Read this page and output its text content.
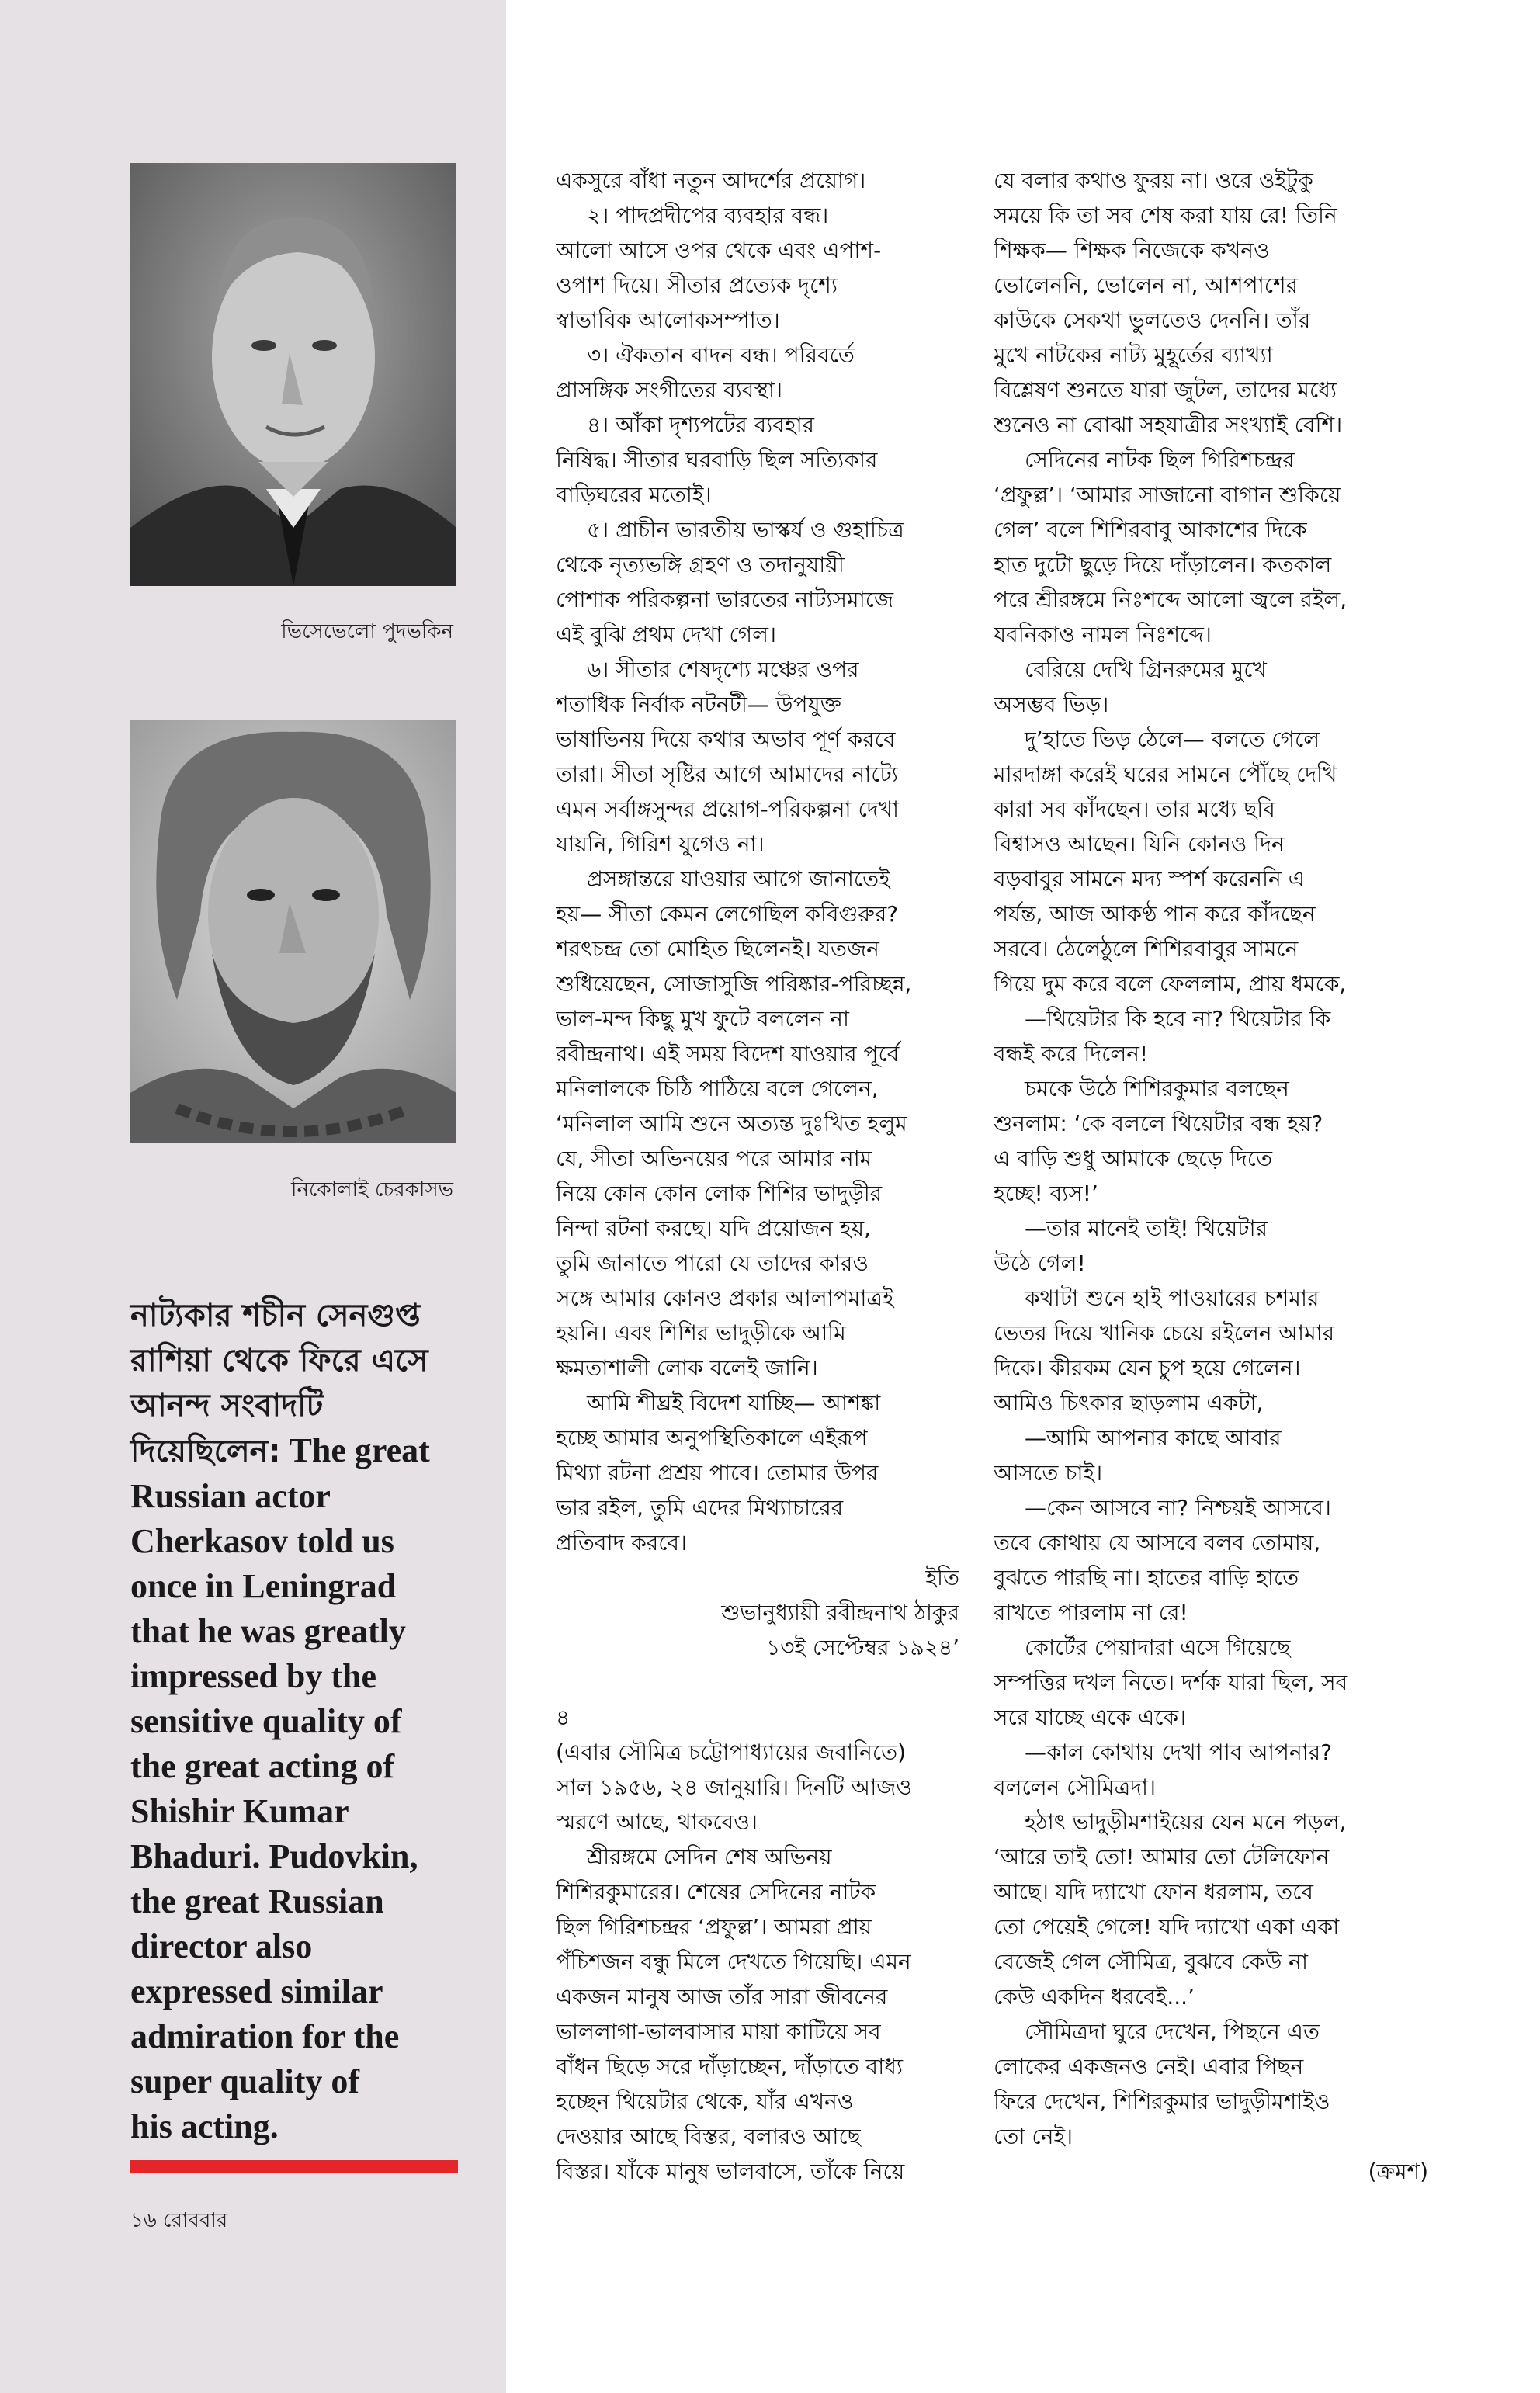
ভিসেভেলো পুদভকিন
নিকোলাই চেরকাসভ
নাট্যকার শচীন সেনগুপ্ত
রাশিয়া থেকে ফিরে এসে
আনন্দ সংবাদটি
দিয়েছিলেন: The great
Russian actor
Cherkasov told us
once in Leningrad
that he was greatly
impressed by the
sensitive quality of
the great acting of
Shishir Kumar
Bhaduri. Pudovkin,
the great Russian
director also
expressed similar
admiration for the
super quality of
his acting.
১৬ রোববার
একসুরে বাঁধা নতুন আদর্শের প্রয়োগ।
২। পাদপ্রদীপের ব্যবহার বন্ধ।
আলো আসে ওপর থেকে এবং এপাশ-
ওপাশ দিয়ে। সীতার প্রত্যেক দৃশ্যে
স্বাভাবিক আলোকসম্পাত।
৩। ঐকতান বাদন বন্ধ। পরিবর্তে
প্রাসঙ্গিক সংগীতের ব্যবস্থা।
৪। আঁকা দৃশ্যপটের ব্যবহার
নিষিদ্ধ। সীতার ঘরবাড়ি ছিল সত্যিকার
বাড়িঘরের মতোই।
৫। প্রাচীন ভারতীয় ভাস্কর্য ও গুহাচিত্র
থেকে নৃত্যভঙ্গি গ্রহণ ও তদানুযায়ী
পোশাক পরিকল্পনা ভারতের নাট্যসমাজে
এই বুঝি প্রথম দেখা গেল।
৬। সীতার শেষদৃশ্যে মঞ্চের ওপর
শতাধিক নির্বাক নটনটী— উপযুক্ত
ভাষাভিনয় দিয়ে কথার অভাব পূর্ণ করবে
তারা। সীতা সৃষ্টির আগে আমাদের নাট্যে
এমন সর্বাঙ্গসুন্দর প্রয়োগ-পরিকল্পনা দেখা
যায়নি, গিরিশ যুগেও না।
প্রসঙ্গান্তরে যাওয়ার আগে জানাতেই
হয়— সীতা কেমন লেগেছিল কবিগুরুর?
শরৎচন্দ্র তো মোহিত ছিলেনই। যতজন
শুধিয়েছেন, সোজাসুজি পরিষ্কার-পরিচ্ছন্ন,
ভাল-মন্দ কিছু মুখ ফুটে বললেন না
রবীন্দ্রনাথ। এই সময় বিদেশ যাওয়ার পূর্বে
মনিলালকে চিঠি পাঠিয়ে বলে গেলেন,
‘মনিলাল আমি শুনে অত্যন্ত দুঃখিত হলুম
যে, সীতা অভিনয়ের পরে আমার নাম
নিয়ে কোন কোন লোক শিশির ভাদুড়ীর
নিন্দা রটনা করছে। যদি প্রয়োজন হয়,
তুমি জানাতে পারো যে তাদের কারও
সঙ্গে আমার কোনও প্রকার আলাপমাত্রই
হয়নি। এবং শিশির ভাদুড়ীকে আমি
ক্ষমতাশালী লোক বলেই জানি।
আমি শীঘ্রই বিদেশ যাচ্ছি— আশঙ্কা
হচ্ছে আমার অনুপস্থিতিকালে এইরূপ
মিথ্যা রটনা প্রশ্রয় পাবে। তোমার উপর
ভার রইল, তুমি এদের মিথ্যাচারের
প্রতিবাদ করবে।
ইতি
শুভানুধ্যায়ী রবীন্দ্রনাথ ঠাকুর
১৩ই সেপ্টেম্বর ১৯২৪’
৪
(এবার সৌমিত্র চট্টোপাধ্যায়ের জবানিতে)
সাল ১৯৫৬, ২৪ জানুয়ারি। দিনটি আজও
স্মরণে আছে, থাকবেও।
শ্রীরঙ্গমে সেদিন শেষ অভিনয়
শিশিরকুমারের। শেষের সেদিনের নাটক
ছিল গিরিশচন্দ্রর ‘প্রফুল্ল’। আমরা প্রায়
পঁচিশজন বন্ধু মিলে দেখতে গিয়েছি। এমন
একজন মানুষ আজ তাঁর সারা জীবনের
ভাললাগা-ভালবাসার মায়া কাটিয়ে সব
বাঁধন ছিড়ে সরে দাঁড়াচ্ছেন, দাঁড়াতে বাধ্য
হচ্ছেন থিয়েটার থেকে, যাঁর এখনও
দেওয়ার আছে বিস্তর, বলারও আছে
বিস্তর। যাঁকে মানুষ ভালবাসে, তাঁকে নিয়ে
যে বলার কথাও ফুরয় না। ওরে ওইটুকু
সময়ে কি তা সব শেষ করা যায় রে! তিনি
শিক্ষক— শিক্ষক নিজেকে কখনও
ভোলেননি, ভোলেন না, আশপাশের
কাউকে সেকথা ভুলতেও দেননি। তাঁর
মুখে নাটকের নাট্য মুহূর্তের ব্যাখ্যা
বিশ্লেষণ শুনতে যারা জুটল, তাদের মধ্যে
শুনেও না বোঝা সহযাত্রীর সংখ্যাই বেশি।
সেদিনের নাটক ছিল গিরিশচন্দ্রর
‘প্রফুল্ল’। ‘আমার সাজানো বাগান শুকিয়ে
গেল’ বলে শিশিরবাবু আকাশের দিকে
হাত দুটো ছুড়ে দিয়ে দাঁড়ালেন। কতকাল
পরে শ্রীরঙ্গমে নিঃশব্দে আলো জ্বলে রইল,
যবনিকাও নামল নিঃশব্দে।
বেরিয়ে দেখি গ্রিনরুমের মুখে
অসম্ভব ভিড়।
দু’হাতে ভিড় ঠেলে— বলতে গেলে
মারদাঙ্গা করেই ঘরের সামনে পৌঁছে দেখি
কারা সব কাঁদছেন। তার মধ্যে ছবি
বিশ্বাসও আছেন। যিনি কোনও দিন
বড়বাবুর সামনে মদ্য স্পর্শ করেননি এ
পর্যন্ত, আজ আকণ্ঠ পান করে কাঁদছেন
সরবে। ঠেলেঠুলে শিশিরবাবুর সামনে
গিয়ে দুম করে বলে ফেললাম, প্রায় ধমকে,
—থিয়েটার কি হবে না? থিয়েটার কি
বন্ধই করে দিলেন!
চমকে উঠে শিশিরকুমার বলছেন
শুনলাম: ‘কে বললে থিয়েটার বন্ধ হয়?
এ বাড়ি শুধু আমাকে ছেড়ে দিতে
হচ্ছে! ব্যস!’
—তার মানেই তাই! থিয়েটার
উঠে গেল!
কথাটা শুনে হাই পাওয়ারের চশমার
ভেতর দিয়ে খানিক চেয়ে রইলেন আমার
দিকে। কীরকম যেন চুপ হয়ে গেলেন।
আমিও চিৎকার ছাড়লাম একটা,
—আমি আপনার কাছে আবার
আসতে চাই।
—কেন আসবে না? নিশ্চয়ই আসবে।
তবে কোথায় যে আসবে বলব তোমায়,
বুঝতে পারছি না। হাতের বাড়ি হাতে
রাখতে পারলাম না রে!
কোর্টের পেয়াদারা এসে গিয়েছে
সম্পত্তির দখল নিতে। দর্শক যারা ছিল, সব
সরে যাচ্ছে একে একে।
—কাল কোথায় দেখা পাব আপনার?
বললেন সৌমিত্রদা।
হঠাৎ ভাদুড়ীমশাইয়ের যেন মনে পড়ল,
‘আরে তাই তো! আমার তো টেলিফোন
আছে। যদি দ্যাখো ফোন ধরলাম, তবে
তো পেয়েই গেলে! যদি দ্যাখো একা একা
বেজেই গেল সৌমিত্র, বুঝবে কেউ না
কেউ একদিন ধরবেই...’
সৌমিত্রদা ঘুরে দেখেন, পিছনে এত
লোকের একজনও নেই। এবার পিছন
ফিরে দেখেন, শিশিরকুমার ভাদুড়ীমশাইও
তো নেই।
(ক্রমশ)
